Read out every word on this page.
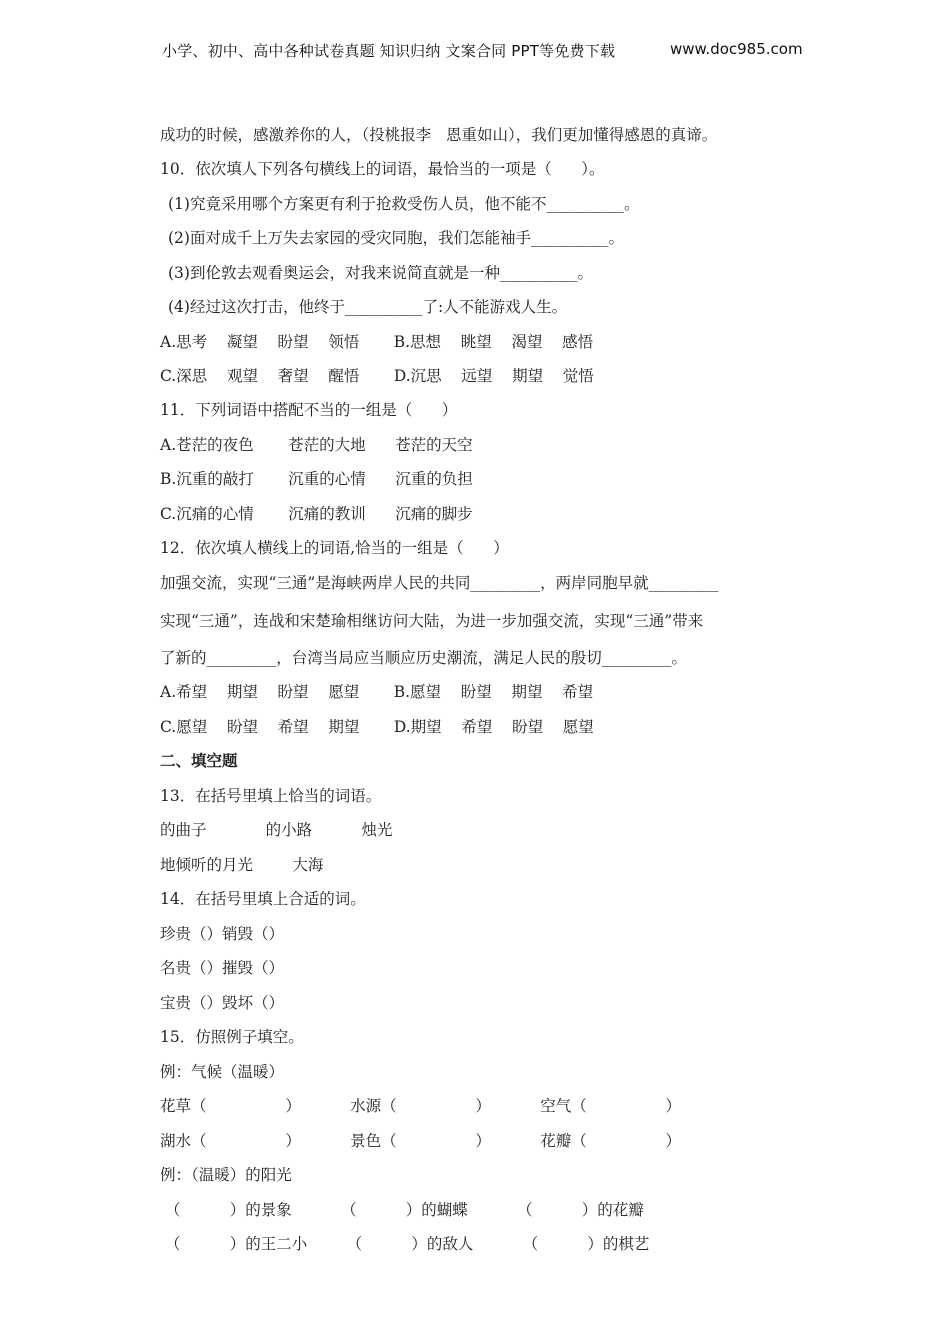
小学、初中、高中各种试卷真题 知识归纳 文案合同 PPT等免费下载	www.doc985.com
成功的时候，感激养你的人，（投桃报李   恩重如山），我们更加懂得感恩的真谛。
10．依次填人下列各句横线上的词语，最恰当的一项是（      ）。
(1)究竟采用哪个方案更有利于抢救受伤人员，他不能不__________。
(2)面对成千上万失去家园的受灾同胞，我们怎能袖手__________。
(3)到伦敦去观看奥运会，对我来说简直就是一种__________。
(4)经过这次打击，他终于__________了:人不能游戏人生。
A.思考    凝望    盼望    领悟       B.思想    眺望    渴望    感悟
C.深思    观望    奢望    醒悟       D.沉思    远望    期望    觉悟
11．下列词语中搭配不当的一组是（      ）
A.苍茫的夜色       苍茫的大地      苍茫的天空
B.沉重的敲打       沉重的心情      沉重的负担
C.沉痛的心情       沉痛的教训      沉痛的脚步
12．依次填人横线上的词语,恰当的一组是（      ）
加强交流，实现“三通”是海峡两岸人民的共同_________，两岸同胞早就_________
实现“三通”，连战和宋楚瑜相继访问大陆，为进一步加强交流，实现“三通”带来
了新的_________，台湾当局应当顺应历史潮流，满足人民的殷切_________。
A.希望    期望    盼望    愿望       B.愿望    盼望    期望    希望
C.愿望    盼望    希望    期望       D.期望    希望    盼望    愿望
二、填空题
13．在括号里填上恰当的词语。
的曲子            的小路          烛光
地倾听的月光        大海
14．在括号里填上合适的词。
珍贵（）销毁（）
名贵（）摧毁（）
宝贵（）毁坏（）
15．仿照例子填空。
例：气候（温暖）
花草（                ）          水源（                ）          空气（                ）
湖水（                ）          景色（                ）          花瓣（                ）
例：（温暖）的阳光
（          ）的景象          （          ）的蝴蝶          （          ）的花瓣
（          ）的王二小        （          ）的敌人          （          ）的棋艺
